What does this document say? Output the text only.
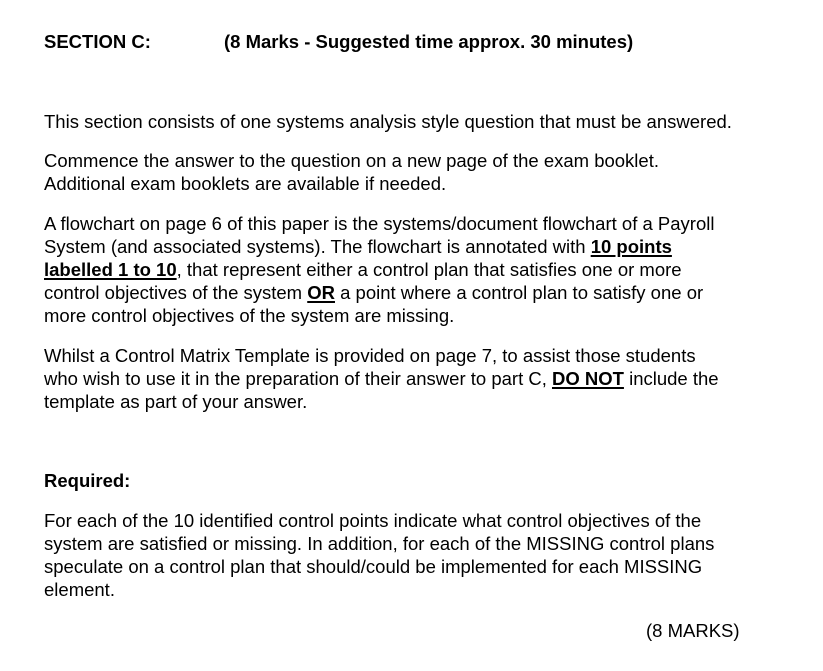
SECTION C:	(8 Marks - Suggested time approx. 30 minutes)

This section consists of one systems analysis style question that must be answered.

Commence the answer to the question on a new page of the exam booklet.
Additional exam booklets are available if needed.

A flowchart on page 6 of this paper is the systems/document flowchart of a Payroll
System (and associated systems). The flowchart is annotated with 10 points
labelled 1 to 10, that represent either a control plan that satisfies one or more
control objectives of the system OR a point where a control plan to satisfy one or
more control objectives of the system are missing.

Whilst a Control Matrix Template is provided on page 7, to assist those students
who wish to use it in the preparation of their answer to part C, DO NOT include the
template as part of your answer.

Required:

For each of the 10 identified control points indicate what control objectives of the
system are satisfied or missing. In addition, for each of the MISSING control plans
speculate on a control plan that should/could be implemented for each MISSING
element.

(8 MARKS)
